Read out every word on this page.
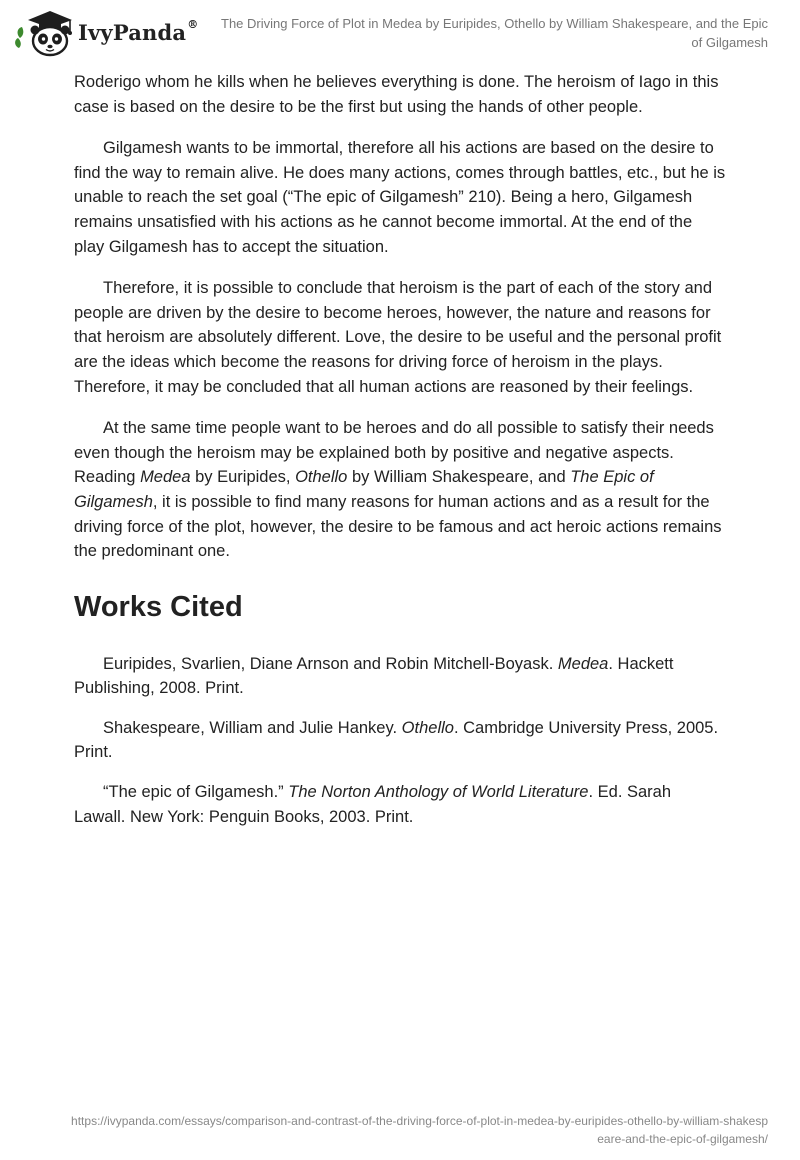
IvyPanda®	The Driving Force of Plot in Medea by Euripides, Othello by William Shakespeare, and the Epic of Gilgamesh

Roderigo whom he kills when he believes everything is done. The heroism of Iago in this case is based on the desire to be the first but using the hands of other people.

Gilgamesh wants to be immortal, therefore all his actions are based on the desire to find the way to remain alive. He does many actions, comes through battles, etc., but he is unable to reach the set goal (“The epic of Gilgamesh” 210). Being a hero, Gilgamesh remains unsatisfied with his actions as he cannot become immortal. At the end of the play Gilgamesh has to accept the situation.

Therefore, it is possible to conclude that heroism is the part of each of the story and people are driven by the desire to become heroes, however, the nature and reasons for that heroism are absolutely different. Love, the desire to be useful and the personal profit are the ideas which become the reasons for driving force of heroism in the plays. Therefore, it may be concluded that all human actions are reasoned by their feelings.

At the same time people want to be heroes and do all possible to satisfy their needs even though the heroism may be explained both by positive and negative aspects. Reading Medea by Euripides, Othello by William Shakespeare, and The Epic of Gilgamesh, it is possible to find many reasons for human actions and as a result for the driving force of the plot, however, the desire to be famous and act heroic actions remains the predominant one.

Works Cited

Euripides, Svarlien, Diane Arnson and Robin Mitchell-Boyask. Medea. Hackett Publishing, 2008. Print.

Shakespeare, William and Julie Hankey. Othello. Cambridge University Press, 2005. Print.

“The epic of Gilgamesh.” The Norton Anthology of World Literature. Ed. Sarah Lawall. New York: Penguin Books, 2003. Print.

https://ivypanda.com/essays/comparison-and-contrast-of-the-driving-force-of-plot-in-medea-by-euripides-othello-by-william-shakespeare-and-the-epic-of-gilgamesh/
